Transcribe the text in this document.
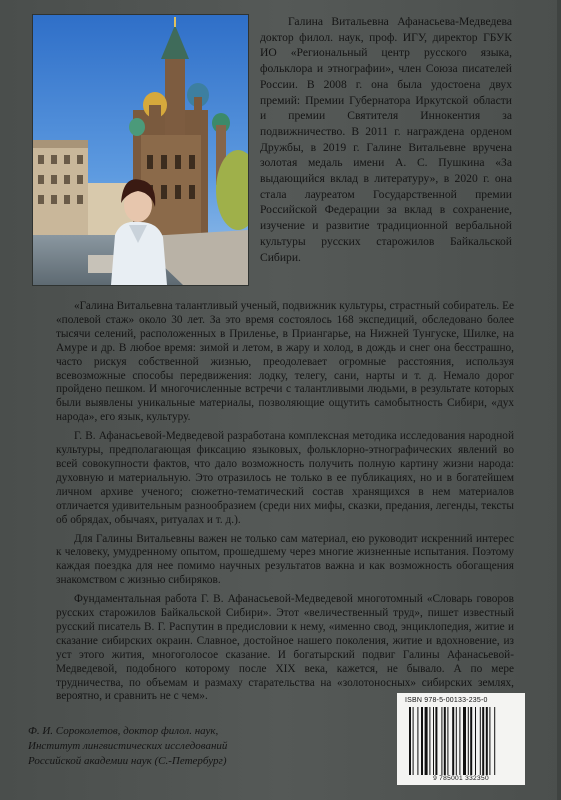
Галина Витальевна Афанасьева-Медведева доктор филол. наук, проф. ИГУ, директор ГБУК ИО «Региональный центр русского языка, фольклора и этнографии», член Союза писателей России. В 2008 г. она была удостоена двух премий: Премии Губернатора Иркутской области и премии Святителя Иннокентия за подвижничество. В 2011 г. награждена орденом Дружбы, в 2019 г. Галине Витальевне вручена золотая медаль имени А. С. Пушкина «За выдающийся вклад в литературу», в 2020 г. она стала лауреатом Государственной премии Российской Федерации за вклад в сохранение, изучение и развитие традиционной вербальной культуры русских старожилов Байкальской Сибири.

«Галина Витальевна талантливый ученый, подвижник культуры, страстный собиратель. Ее «полевой стаж» около 30 лет. За это время состоялось 168 экспедиций, обследовано более тысячи селений, расположенных в Приленье, в Приангарье, на Нижней Тунгуске, Шилке, на Амуре и др. В любое время: зимой и летом, в жару и холод, в дождь и снег она бесстрашно, часто рискуя собственной жизнью, преодолевает огромные расстояния, используя всевозможные способы передвижения: лодку, телегу, сани, нарты и т. д. Немало дорог пройдено пешком. И многочисленные встречи с талантливыми людьми, в результате которых были выявлены уникальные материалы, позволяющие ощутить самобытность Сибири, «дух народа», его язык, культуру.

Г. В. Афанасьевой-Медведевой разработана комплексная методика исследования народной культуры, предполагающая фиксацию языковых, фольклорно-этнографических явлений во всей совокупности фактов, что дало возможность получить полную картину жизни народа: духовную и материальную. Это отразилось не только в ее публикациях, но и в богатейшем личном архиве ученого; сюжетно-тематический состав хранящихся в нем материалов отличается удивительным разнообразием (среди них мифы, сказки, предания, легенды, тексты об обрядах, обычаях, ритуалах и т. д.).

Для Галины Витальевны важен не только сам материал, ею руководит искренний интерес к человеку, умудренному опытом, прошедшему через многие жизненные испытания. Поэтому каждая поездка для нее помимо научных результатов важна и как возможность обогащения знакомством с жизнью сибиряков.

Фундаментальная работа Г. В. Афанасьевой-Медведевой многотомный «Словарь говоров русских старожилов Байкальской Сибири». Этот «величественный труд», пишет известный русский писатель В. Г. Распутин в предисловии к нему, «именно свод, энциклопедия, житие и сказание сибирских окраин. Славное, достойное нашего поколения, житие и вдохновение, из уст этого жития, многоголосое сказание. И богатырский подвиг Галины Афанасьевой-Медведевой, подобного которому после XIX века, кажется, не бывало. А по мере трудничества, по объемам и размаху старательства на «золотоносных» сибирских землях, вероятно, и сравнить не с чем».

Ф. И. Сороколетов, доктор филол. наук,
Институт лингвистических исследований
Российской академии наук (С.-Петербург)
ISBN 978-5-00133-235-0
9 785001 332350
